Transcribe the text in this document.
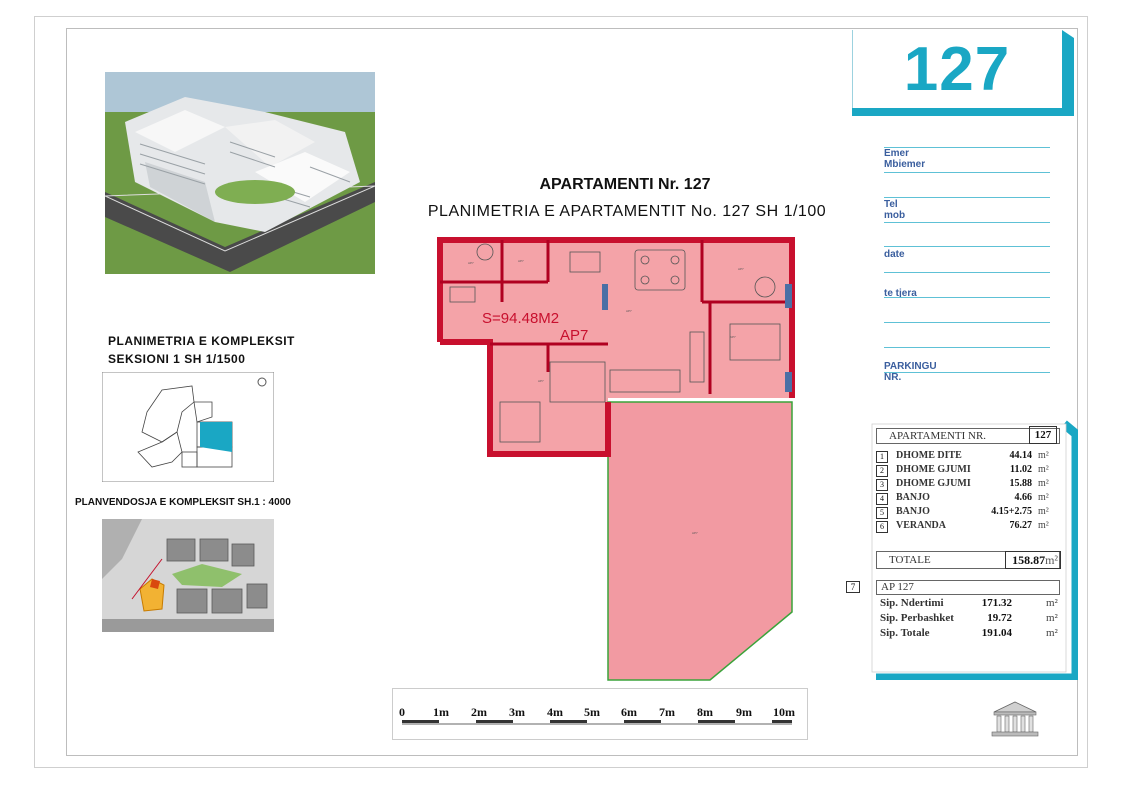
127
Emer
Mbiemer
Tel
mob
date
te tjera
PARKINGU
NR.
PLANIMETRIA E KOMPLEKSIT
SEKSIONI 1 SH 1/1500
PLANVENDOSJA E KOMPLEKSIT SH.1 : 4000
APARTAMENTI Nr. 127
PLANIMETRIA E APARTAMENTIT No. 127 SH 1/100
AP7	AP7
AP7
AP7
AP7
AP7
AP7
S=94.48M2
AP7
APARTAMENTI NR.	127
1	DHOME DITE	44.14 m²
2	DHOME GJUMI	11.02 m²
3	DHOME GJUMI	15.88 m²
4	BANJO	4.66 m²
5	BANJO	4.15+2.75 m²
6	VERANDA	76.27 m²
TOTALE	158.87m²
7	AP 127
Sip. Ndertimi	171.32	m²
Sip. Perbashket	19.72	m²
Sip. Totale	191.04	m²
0 1m 2m 3m 4m 5m 6m 7m 8m 9m 10m
